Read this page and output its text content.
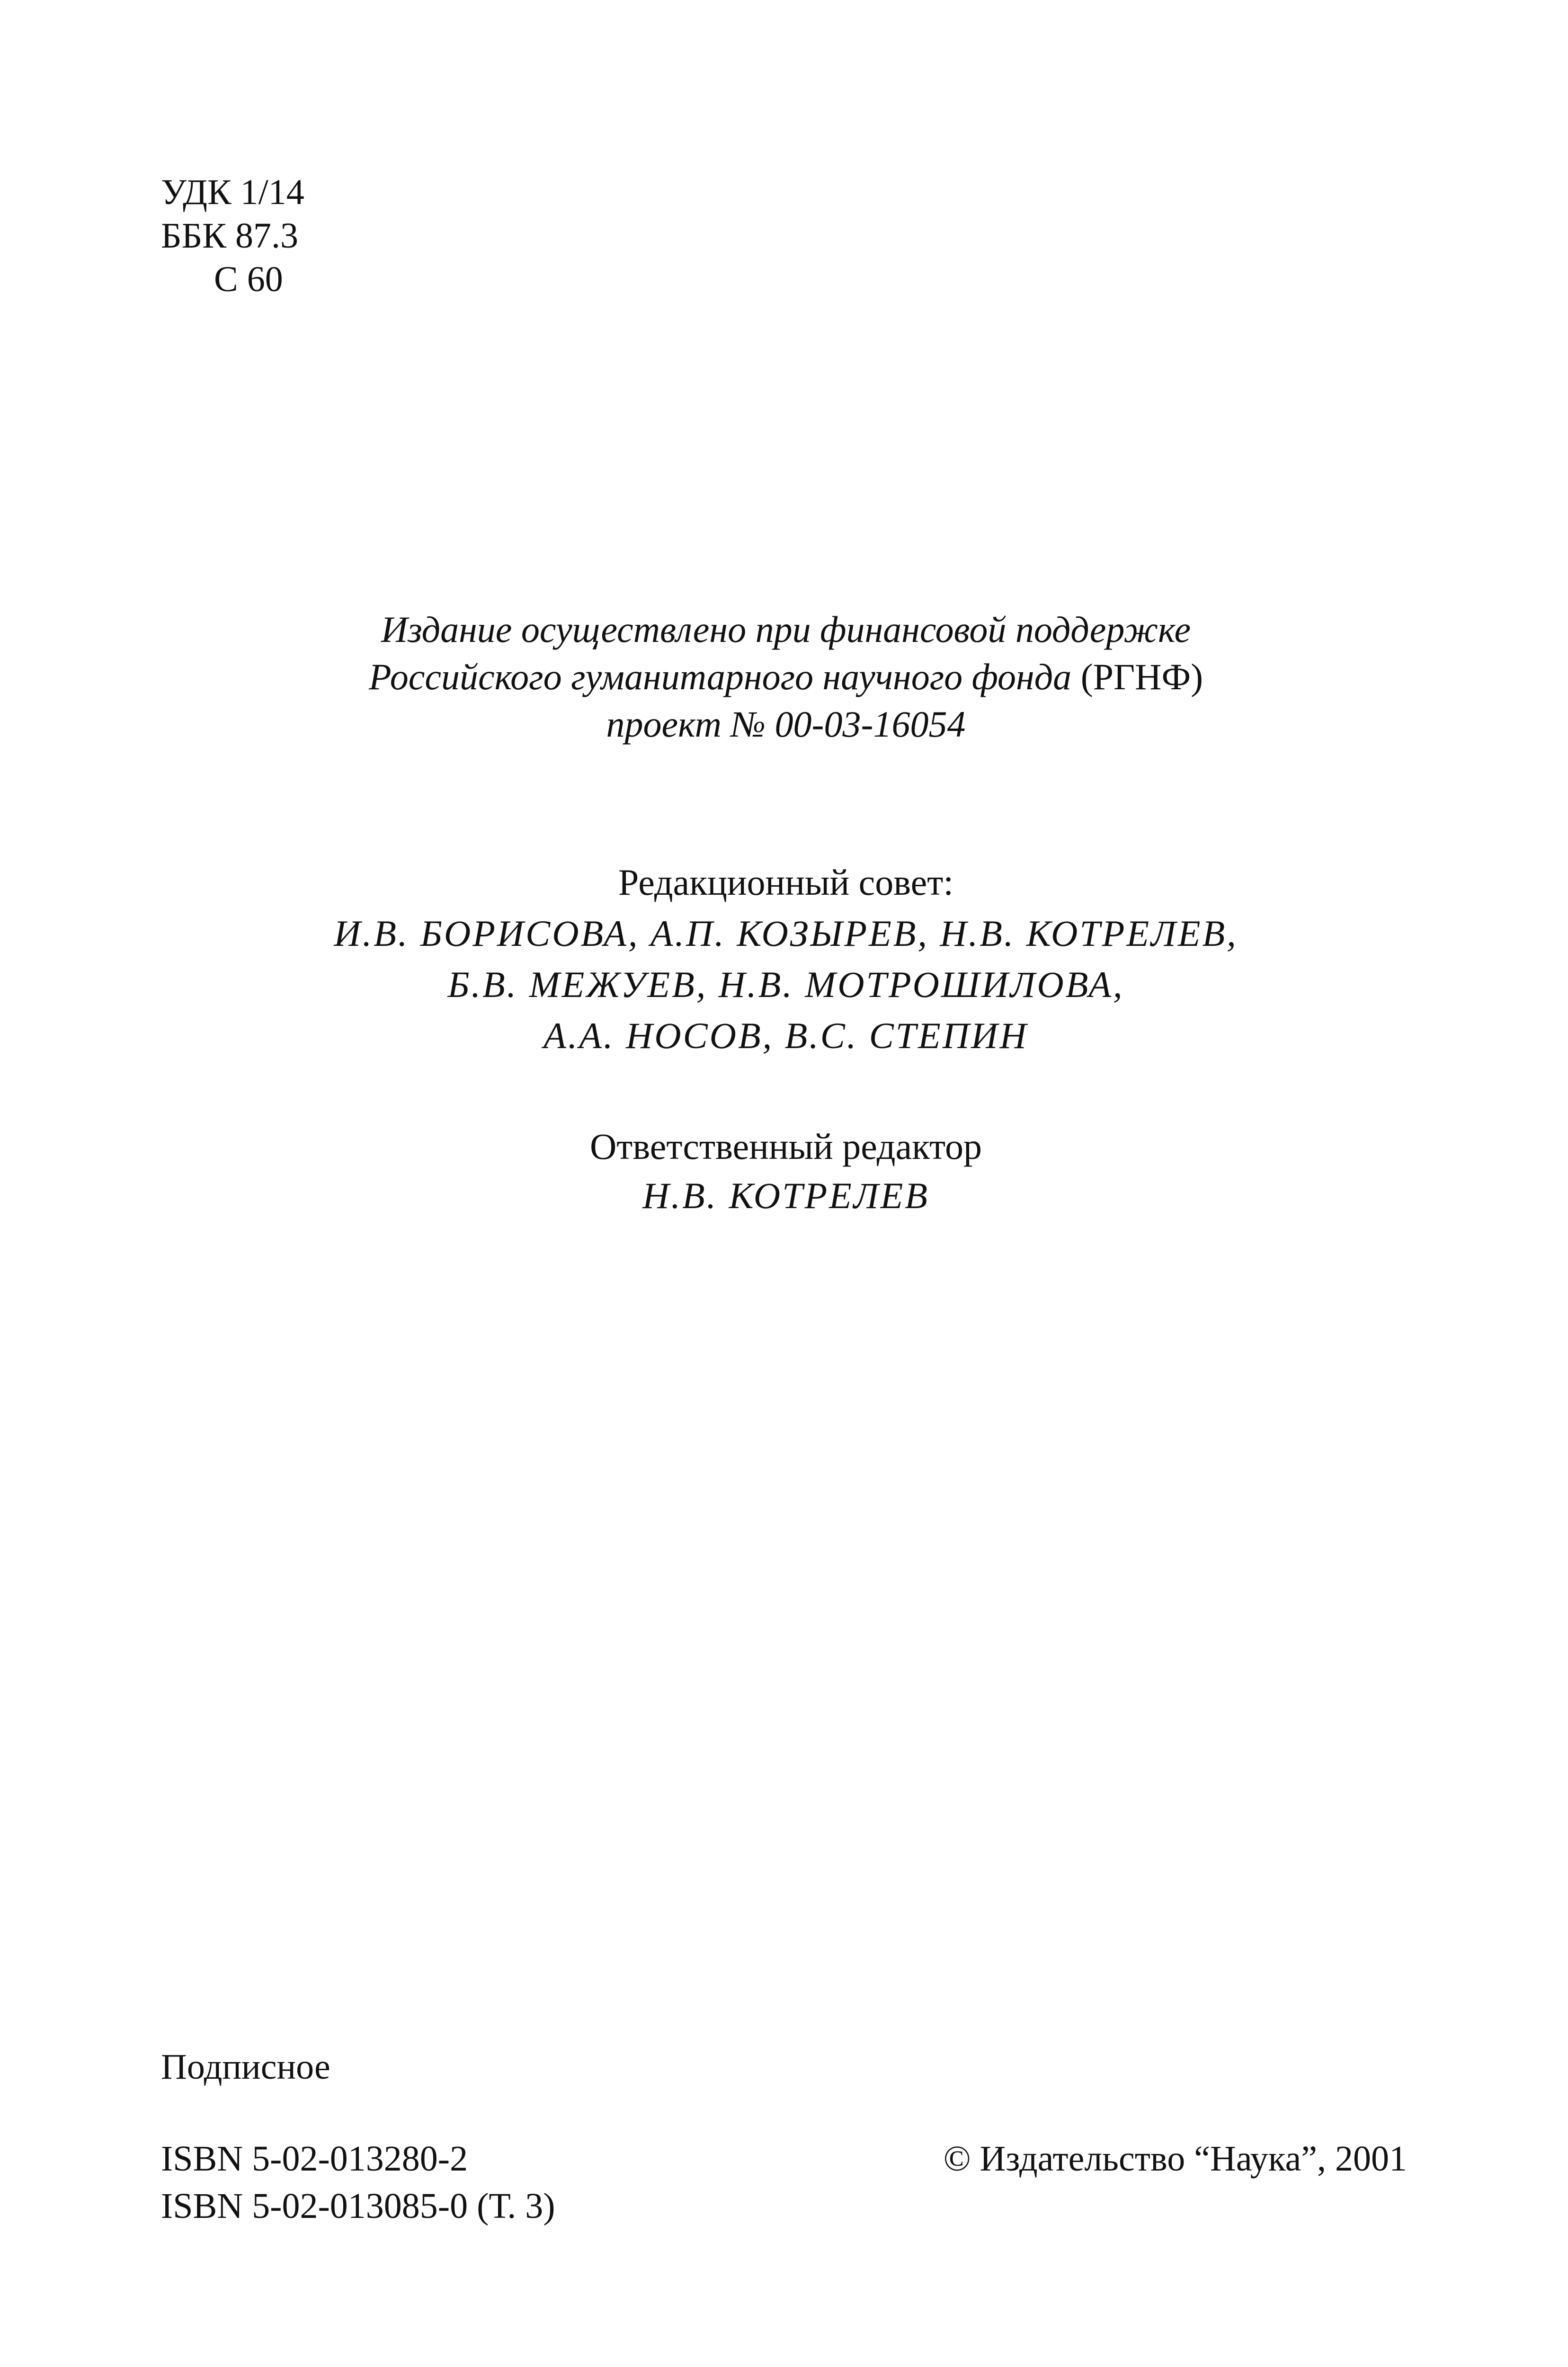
УДК 1/14
ББК 87.3
С 60
Издание осуществлено при финансовой поддержке
Российского гуманитарного научного фонда (РГНФ)
проект № 00-03-16054
Редакционный совет:
И.В. БОРИСОВА, А.П. КОЗЫРЕВ, Н.В. КОТРЕЛЕВ,
Б.В. МЕЖУЕВ, Н.В. МОТРОШИЛОВА,
А.А. НОСОВ, В.С. СТЕПИН
Ответственный редактор
Н.В. КОТРЕЛЕВ
Подписное
ISBN 5-02-013280-2
ISBN 5-02-013085-0 (Т. 3)
© Издательство “Наука”, 2001
